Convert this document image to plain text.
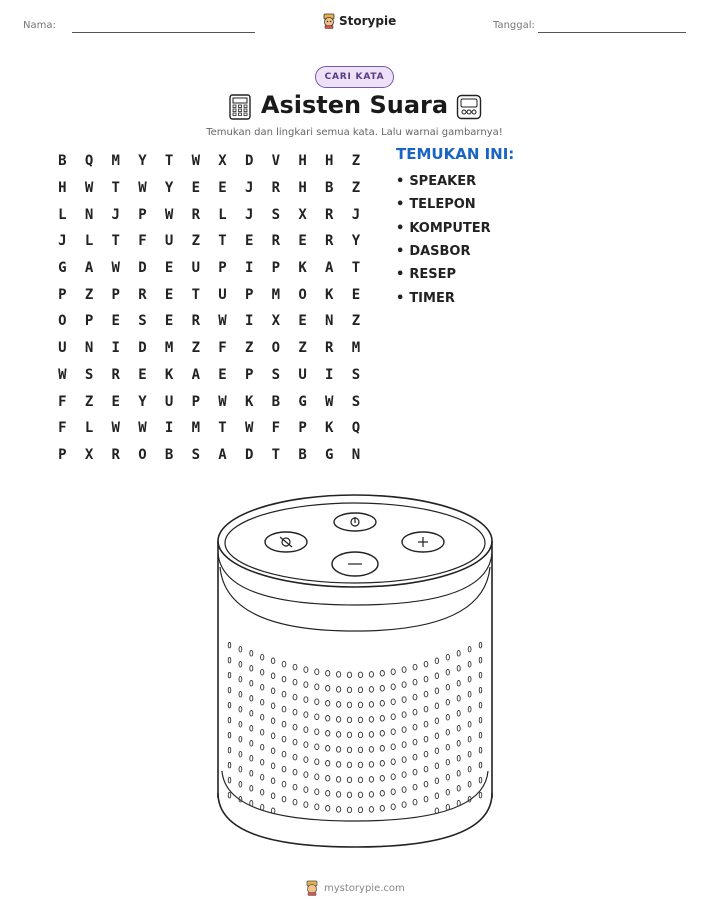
Nama:	Storypie	Tanggal:
CARI KATA
Asisten Suara
Temukan dan lingkari semua kata. Lalu warnai gambarnya!
B	Q	M	Y	T	W	X	D	V	H	H	Z
H	W	T	W	Y	E	E	J	R	H	B	Z
L	N	J	P	W	R	L	J	S	X	R	J
J	L	T	F	U	Z	T	E	R	E	R	Y
G	A	W	D	E	U	P	I	P	K	A	T
P	Z	P	R	E	T	U	P	M	O	K	E
O	P	E	S	E	R	W	I	X	E	N	Z
U	N	I	D	M	Z	F	Z	O	Z	R	M
W	S	R	E	K	A	E	P	S	U	I	S
F	Z	E	Y	U	P	W	K	B	G	W	S
F	L	W	W	I	M	T	W	F	P	K	Q
P	X	R	O	B	S	A	D	T	B	G	N
TEMUKAN INI:
• SPEAKER
• TELEPON
• KOMPUTER
• DASBOR
• RESEP
• TIMER
mystorypie.com
